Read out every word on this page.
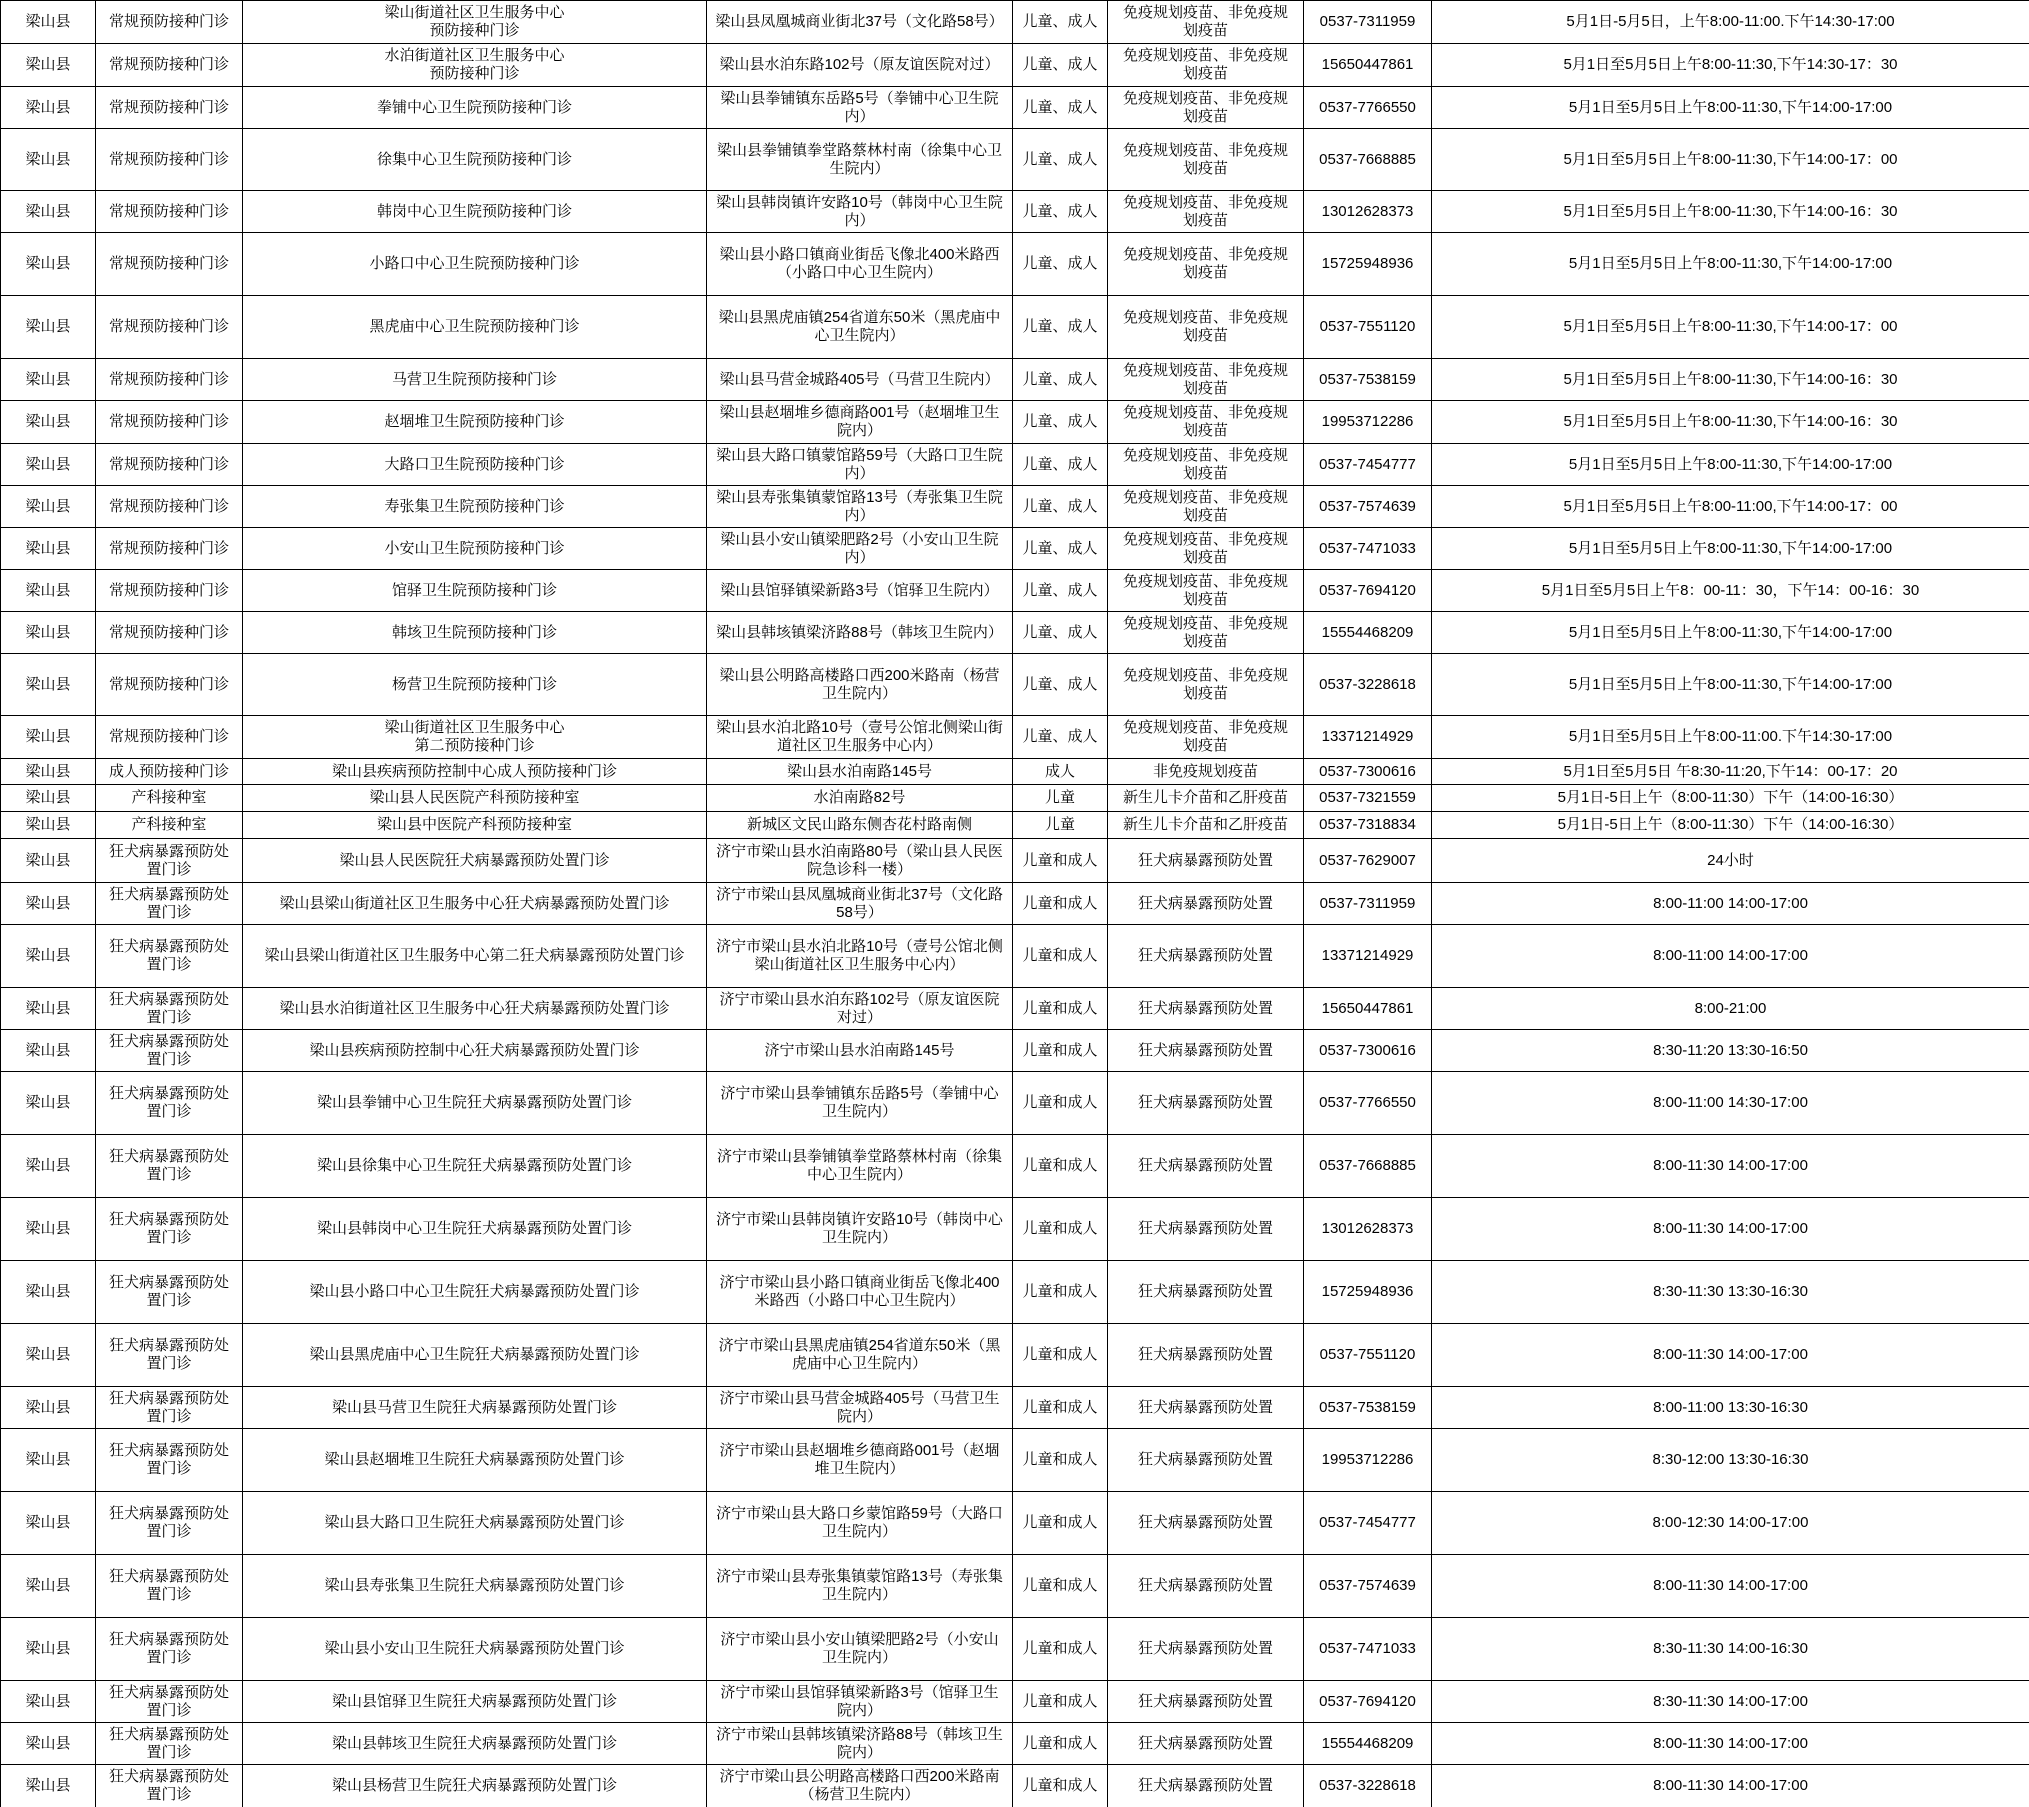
梁山县	常规预防接种门诊	梁山街道社区卫生服务中心
预防接种门诊	梁山县凤凰城商业街北37号（文化路58号）	儿童、成人	免疫规划疫苗、非免疫规划疫苗	0537-7311959	5月1日-5月5日，上午8:00-11:00.下午14:30-17:00
梁山县	常规预防接种门诊	水泊街道社区卫生服务中心
预防接种门诊	梁山县水泊东路102号（原友谊医院对过）	儿童、成人	免疫规划疫苗、非免疫规划疫苗	15650447861	5月1日至5月5日上午8:00-11:30,下午14:30-17：30
梁山县	常规预防接种门诊	拳铺中心卫生院预防接种门诊	梁山县拳铺镇东岳路5号（拳铺中心卫生院内）	儿童、成人	免疫规划疫苗、非免疫规划疫苗	0537-7766550	5月1日至5月5日上午8:00-11:30,下午14:00-17:00
梁山县	常规预防接种门诊	徐集中心卫生院预防接种门诊	梁山县拳铺镇拳堂路蔡林村南（徐集中心卫生院内）	儿童、成人	免疫规划疫苗、非免疫规划疫苗	0537-7668885	5月1日至5月5日上午8:00-11:30,下午14:00-17：00
梁山县	常规预防接种门诊	韩岗中心卫生院预防接种门诊	梁山县韩岗镇许安路10号（韩岗中心卫生院内）	儿童、成人	免疫规划疫苗、非免疫规划疫苗	13012628373	5月1日至5月5日上午8:00-11:30,下午14:00-16：30
梁山县	常规预防接种门诊	小路口中心卫生院预防接种门诊	梁山县小路口镇商业街岳飞像北400米路西（小路口中心卫生院内）	儿童、成人	免疫规划疫苗、非免疫规划疫苗	15725948936	5月1日至5月5日上午8:00-11:30,下午14:00-17:00
梁山县	常规预防接种门诊	黑虎庙中心卫生院预防接种门诊	梁山县黑虎庙镇254省道东50米（黑虎庙中心卫生院内）	儿童、成人	免疫规划疫苗、非免疫规划疫苗	0537-7551120	5月1日至5月5日上午8:00-11:30,下午14:00-17：00
梁山县	常规预防接种门诊	马营卫生院预防接种门诊	梁山县马营金城路405号（马营卫生院内）	儿童、成人	免疫规划疫苗、非免疫规划疫苗	0537-7538159	5月1日至5月5日上午8:00-11:30,下午14:00-16：30
梁山县	常规预防接种门诊	赵堌堆卫生院预防接种门诊	梁山县赵堌堆乡德商路001号（赵堌堆卫生院内）	儿童、成人	免疫规划疫苗、非免疫规划疫苗	19953712286	5月1日至5月5日上午8:00-11:30,下午14:00-16：30
梁山县	常规预防接种门诊	大路口卫生院预防接种门诊	梁山县大路口镇蒙馆路59号（大路口卫生院内）	儿童、成人	免疫规划疫苗、非免疫规划疫苗	0537-7454777	5月1日至5月5日上午8:00-11:30,下午14:00-17:00
梁山县	常规预防接种门诊	寿张集卫生院预防接种门诊	梁山县寿张集镇蒙馆路13号（寿张集卫生院内）	儿童、成人	免疫规划疫苗、非免疫规划疫苗	0537-7574639	5月1日至5月5日上午8:00-11:00,下午14:00-17：00
梁山县	常规预防接种门诊	小安山卫生院预防接种门诊	梁山县小安山镇梁肥路2号（小安山卫生院内）	儿童、成人	免疫规划疫苗、非免疫规划疫苗	0537-7471033	5月1日至5月5日上午8:00-11:30,下午14:00-17:00
梁山县	常规预防接种门诊	馆驿卫生院预防接种门诊	梁山县馆驿镇梁新路3号（馆驿卫生院内）	儿童、成人	免疫规划疫苗、非免疫规划疫苗	0537-7694120	5月1日至5月5日上午8：00-11：30，下午14：00-16：30
梁山县	常规预防接种门诊	韩垓卫生院预防接种门诊	梁山县韩垓镇梁济路88号（韩垓卫生院内）	儿童、成人	免疫规划疫苗、非免疫规划疫苗	15554468209	5月1日至5月5日上午8:00-11:30,下午14:00-17:00
梁山县	常规预防接种门诊	杨营卫生院预防接种门诊	梁山县公明路高楼路口西200米路南（杨营卫生院内）	儿童、成人	免疫规划疫苗、非免疫规划疫苗	0537-3228618	5月1日至5月5日上午8:00-11:30,下午14:00-17:00
梁山县	常规预防接种门诊	梁山街道社区卫生服务中心
第二预防接种门诊	梁山县水泊北路10号（壹号公馆北侧梁山街道社区卫生服务中心内）	儿童、成人	免疫规划疫苗、非免疫规划疫苗	13371214929	5月1日至5月5日上午8:00-11:00.下午14:30-17:00
梁山县	成人预防接种门诊	梁山县疾病预防控制中心成人预防接种门诊	梁山县水泊南路145号	成人	非免疫规划疫苗	0537-7300616	5月1日至5月5日 午8:30-11:20,下午14：00-17：20
梁山县	产科接种室	梁山县人民医院产科预防接种室	水泊南路82号	儿童	新生儿卡介苗和乙肝疫苗	0537-7321559	5月1日-5日上午（8:00-11:30）下午（14:00-16:30）
梁山县	产科接种室	梁山县中医院产科预防接种室	新城区文民山路东侧杏花村路南侧	儿童	新生儿卡介苗和乙肝疫苗	0537-7318834	5月1日-5日上午（8:00-11:30）下午（14:00-16:30）
梁山县	狂犬病暴露预防处置门诊	梁山县人民医院狂犬病暴露预防处置门诊	济宁市梁山县水泊南路80号（梁山县人民医院急诊科一楼）	儿童和成人	狂犬病暴露预防处置	0537-7629007	24小时
梁山县	狂犬病暴露预防处置门诊	梁山县梁山街道社区卫生服务中心狂犬病暴露预防处置门诊	济宁市梁山县凤凰城商业街北37号（文化路58号）	儿童和成人	狂犬病暴露预防处置	0537-7311959	8:00-11:00 14:00-17:00
梁山县	狂犬病暴露预防处置门诊	梁山县梁山街道社区卫生服务中心第二狂犬病暴露预防处置门诊	济宁市梁山县水泊北路10号（壹号公馆北侧梁山街道社区卫生服务中心内）	儿童和成人	狂犬病暴露预防处置	13371214929	8:00-11:00 14:00-17:00
梁山县	狂犬病暴露预防处置门诊	梁山县水泊街道社区卫生服务中心狂犬病暴露预防处置门诊	济宁市梁山县水泊东路102号（原友谊医院对过）	儿童和成人	狂犬病暴露预防处置	15650447861	8:00-21:00
梁山县	狂犬病暴露预防处置门诊	梁山县疾病预防控制中心狂犬病暴露预防处置门诊	济宁市梁山县水泊南路145号	儿童和成人	狂犬病暴露预防处置	0537-7300616	8:30-11:20 13:30-16:50
梁山县	狂犬病暴露预防处置门诊	梁山县拳铺中心卫生院狂犬病暴露预防处置门诊	济宁市梁山县拳铺镇东岳路5号（拳铺中心卫生院内）	儿童和成人	狂犬病暴露预防处置	0537-7766550	8:00-11:00 14:30-17:00
梁山县	狂犬病暴露预防处置门诊	梁山县徐集中心卫生院狂犬病暴露预防处置门诊	济宁市梁山县拳铺镇拳堂路蔡林村南（徐集中心卫生院内）	儿童和成人	狂犬病暴露预防处置	0537-7668885	8:00-11:30 14:00-17:00
梁山县	狂犬病暴露预防处置门诊	梁山县韩岗中心卫生院狂犬病暴露预防处置门诊	济宁市梁山县韩岗镇许安路10号（韩岗中心卫生院内）	儿童和成人	狂犬病暴露预防处置	13012628373	8:00-11:30 14:00-17:00
梁山县	狂犬病暴露预防处置门诊	梁山县小路口中心卫生院狂犬病暴露预防处置门诊	济宁市梁山县小路口镇商业街岳飞像北400米路西（小路口中心卫生院内）	儿童和成人	狂犬病暴露预防处置	15725948936	8:30-11:30 13:30-16:30
梁山县	狂犬病暴露预防处置门诊	梁山县黑虎庙中心卫生院狂犬病暴露预防处置门诊	济宁市梁山县黑虎庙镇254省道东50米（黑虎庙中心卫生院内）	儿童和成人	狂犬病暴露预防处置	0537-7551120	8:00-11:30 14:00-17:00
梁山县	狂犬病暴露预防处置门诊	梁山县马营卫生院狂犬病暴露预防处置门诊	济宁市梁山县马营金城路405号（马营卫生院内）	儿童和成人	狂犬病暴露预防处置	0537-7538159	8:00-11:00 13:30-16:30
梁山县	狂犬病暴露预防处置门诊	梁山县赵堌堆卫生院狂犬病暴露预防处置门诊	济宁市梁山县赵堌堆乡德商路001号（赵堌堆卫生院内）	儿童和成人	狂犬病暴露预防处置	19953712286	8:30-12:00 13:30-16:30
梁山县	狂犬病暴露预防处置门诊	梁山县大路口卫生院狂犬病暴露预防处置门诊	济宁市梁山县大路口乡蒙馆路59号（大路口卫生院内）	儿童和成人	狂犬病暴露预防处置	0537-7454777	8:00-12:30 14:00-17:00
梁山县	狂犬病暴露预防处置门诊	梁山县寿张集卫生院狂犬病暴露预防处置门诊	济宁市梁山县寿张集镇蒙馆路13号（寿张集卫生院内）	儿童和成人	狂犬病暴露预防处置	0537-7574639	8:00-11:30 14:00-17:00
梁山县	狂犬病暴露预防处置门诊	梁山县小安山卫生院狂犬病暴露预防处置门诊	济宁市梁山县小安山镇梁肥路2号（小安山卫生院内）	儿童和成人	狂犬病暴露预防处置	0537-7471033	8:30-11:30 14:00-16:30
梁山县	狂犬病暴露预防处置门诊	梁山县馆驿卫生院狂犬病暴露预防处置门诊	济宁市梁山县馆驿镇梁新路3号（馆驿卫生院内）	儿童和成人	狂犬病暴露预防处置	0537-7694120	8:30-11:30 14:00-17:00
梁山县	狂犬病暴露预防处置门诊	梁山县韩垓卫生院狂犬病暴露预防处置门诊	济宁市梁山县韩垓镇梁济路88号（韩垓卫生院内）	儿童和成人	狂犬病暴露预防处置	15554468209	8:00-11:30 14:00-17:00
梁山县	狂犬病暴露预防处置门诊	梁山县杨营卫生院狂犬病暴露预防处置门诊	济宁市梁山县公明路高楼路口西200米路南（杨营卫生院内）	儿童和成人	狂犬病暴露预防处置	0537-3228618	8:00-11:30 14:00-17:00
